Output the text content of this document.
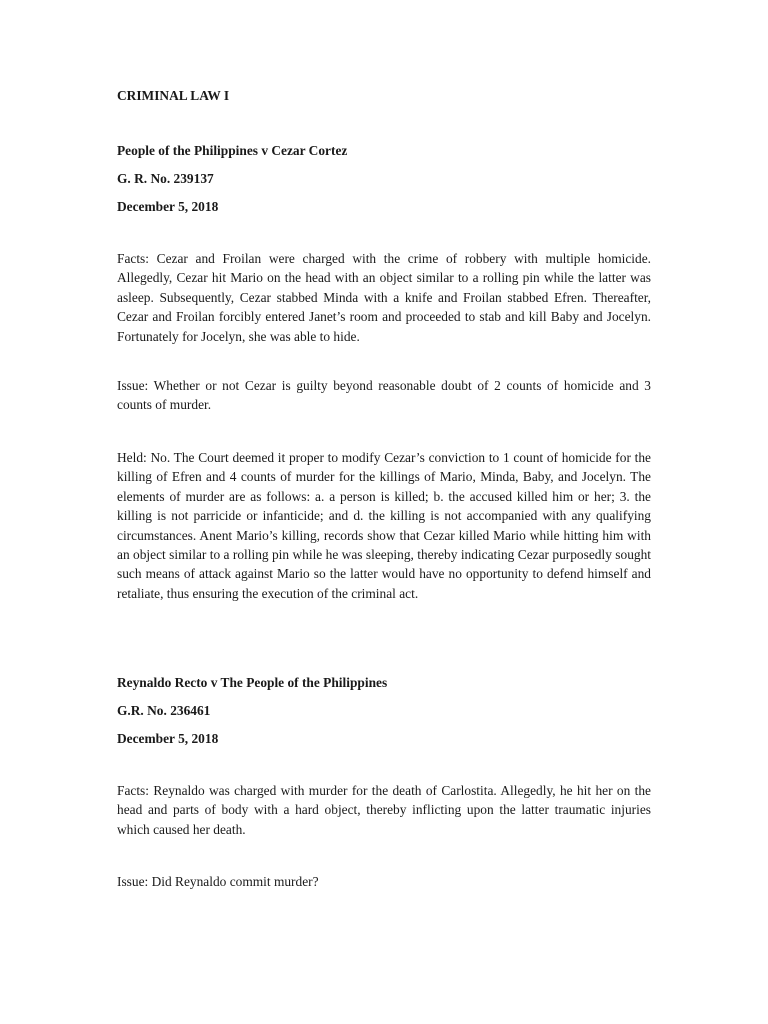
CRIMINAL LAW I
People of the Philippines v Cezar Cortez
G. R. No. 239137
December 5, 2018

Facts: Cezar and Froilan were charged with the crime of robbery with multiple homicide. Allegedly, Cezar hit Mario on the head with an object similar to a rolling pin while the latter was asleep. Subsequently, Cezar stabbed Minda with a knife and Froilan stabbed Efren. Thereafter, Cezar and Froilan forcibly entered Janet’s room and proceeded to stab and kill Baby and Jocelyn. Fortunately for Jocelyn, she was able to hide.

Issue: Whether or not Cezar is guilty beyond reasonable doubt of 2 counts of homicide and 3 counts of murder.

Held: No. The Court deemed it proper to modify Cezar’s conviction to 1 count of homicide for the killing of Efren and 4 counts of murder for the killings of Mario, Minda, Baby, and Jocelyn. The elements of murder are as follows: a. a person is killed; b. the accused killed him or her; 3. the killing is not parricide or infanticide; and d. the killing is not accompanied with any qualifying circumstances. Anent Mario’s killing, records show that Cezar killed Mario while hitting him with an object similar to a rolling pin while he was sleeping, thereby indicating Cezar purposedly sought such means of attack against Mario so the latter would have no opportunity to defend himself and retaliate, thus ensuring the execution of the criminal act.

Reynaldo Recto v The People of the Philippines
G.R. No. 236461
December 5, 2018

Facts: Reynaldo was charged with murder for the death of Carlostita. Allegedly, he hit her on the head and parts of body with a hard object, thereby inflicting upon the latter traumatic injuries which caused her death.

Issue: Did Reynaldo commit murder?
